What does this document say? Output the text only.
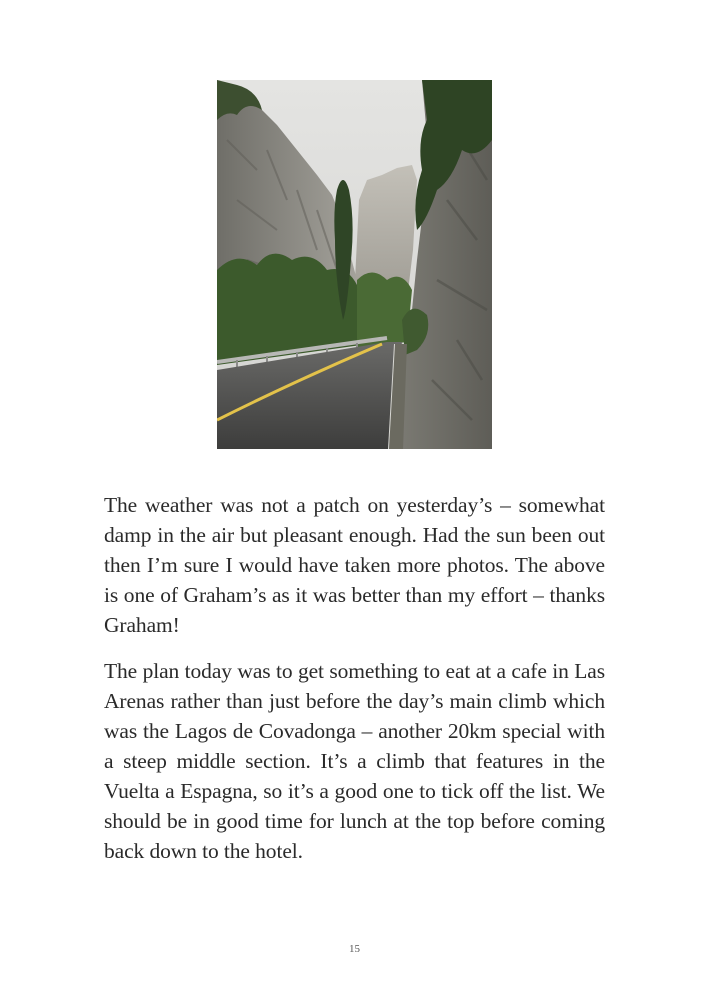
The weather was not a patch on yesterday’s – somewhat damp in the air but pleasant enough. Had the sun been out then I’m sure I would have taken more photos. The above is one of Graham’s as it was better than my effort – thanks Graham!

The plan today was to get something to eat at a cafe in Las Arenas rather than just before the day’s main climb which was the Lagos de Covadonga – another 20km special with a steep middle section. It’s a climb that features in the Vuelta a Espagna, so it’s a good one to tick off the list. We should be in good time for lunch at the top before coming back down to the hotel.

15
